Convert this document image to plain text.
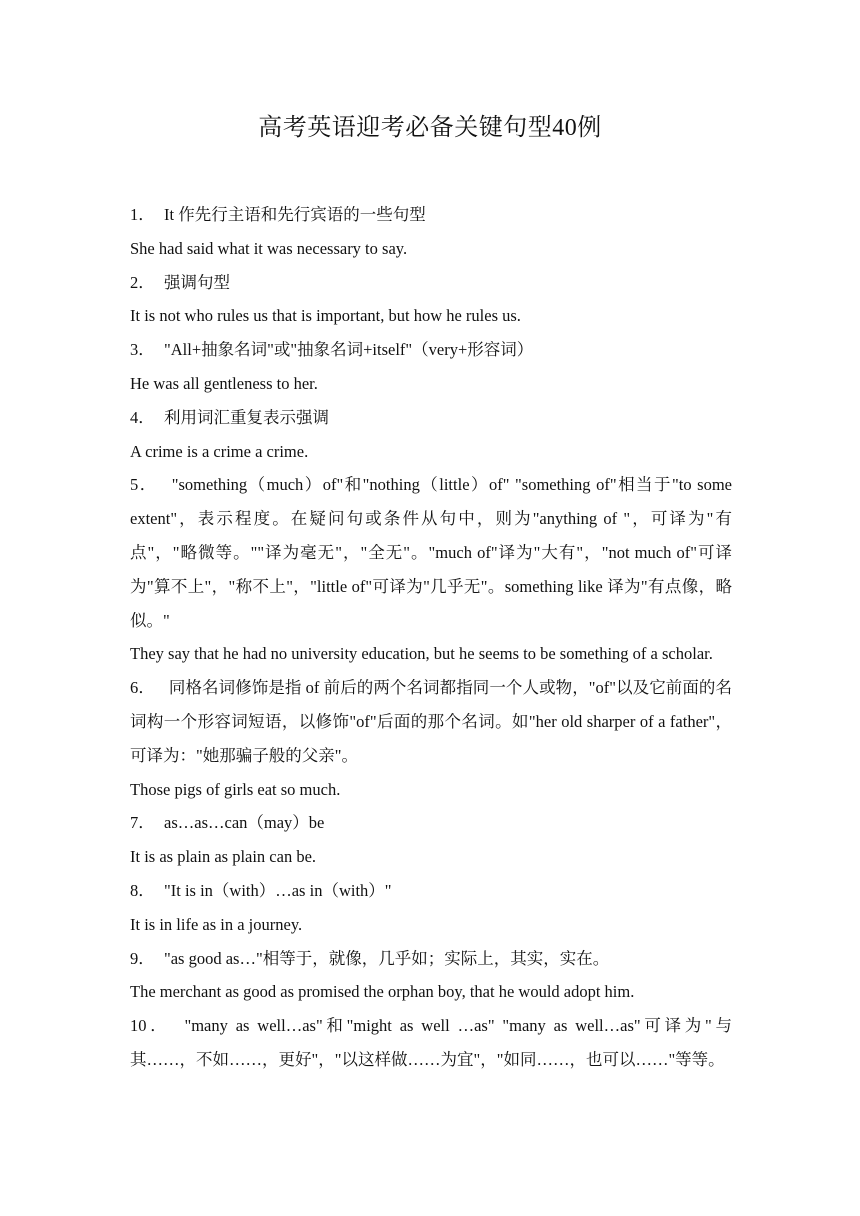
高考英语迎考必备关键句型40例

1． It 作先行主语和先行宾语的一些句型

She had said what it was necessary to say.

2． 强调句型

It is not who rules us that is important, but how he rules us.

3． "All+抽象名词"或"抽象名词+itself"（very+形容词）

He was all gentleness to her.

4． 利用词汇重复表示强调

A crime is a crime a crime.

5． "something（much）of"和"nothing（little）of" "something of"相当于"to some extent"，表示程度。在疑问句或条件从句中，则为"anything of "，可译为"有点"，"略微等。""译为毫无"，"全无"。"much of"译为"大有"，"not much of"可译为"算不上"，"称不上"，"little of"可译为"几乎无"。something like 译为"有点像，略似。"

They say that he had no university education, but he seems to be something of a scholar.

6． 同格名词修饰是指 of 前后的两个名词都指同一个人或物，"of"以及它前面的名词构一个形容词短语，以修饰"of"后面的那个名词。如"her old sharper of a father"，可译为："她那骗子般的父亲"。

Those pigs of girls eat so much.

7． as…as…can（may）be

It is as plain as plain can be.

8． "It is in（with）…as in（with）"

It is in life as in a journey.

9． "as good as…"相等于，就像，几乎如；实际上，其实，实在。

The merchant as good as promised the orphan boy, that he would adopt him.

10． "many as well…as"和"might as well …as" "many as well…as"可译为"与其……，不如……，更好"，"以这样做……为宜"，"如同……，也可以……"等等。
